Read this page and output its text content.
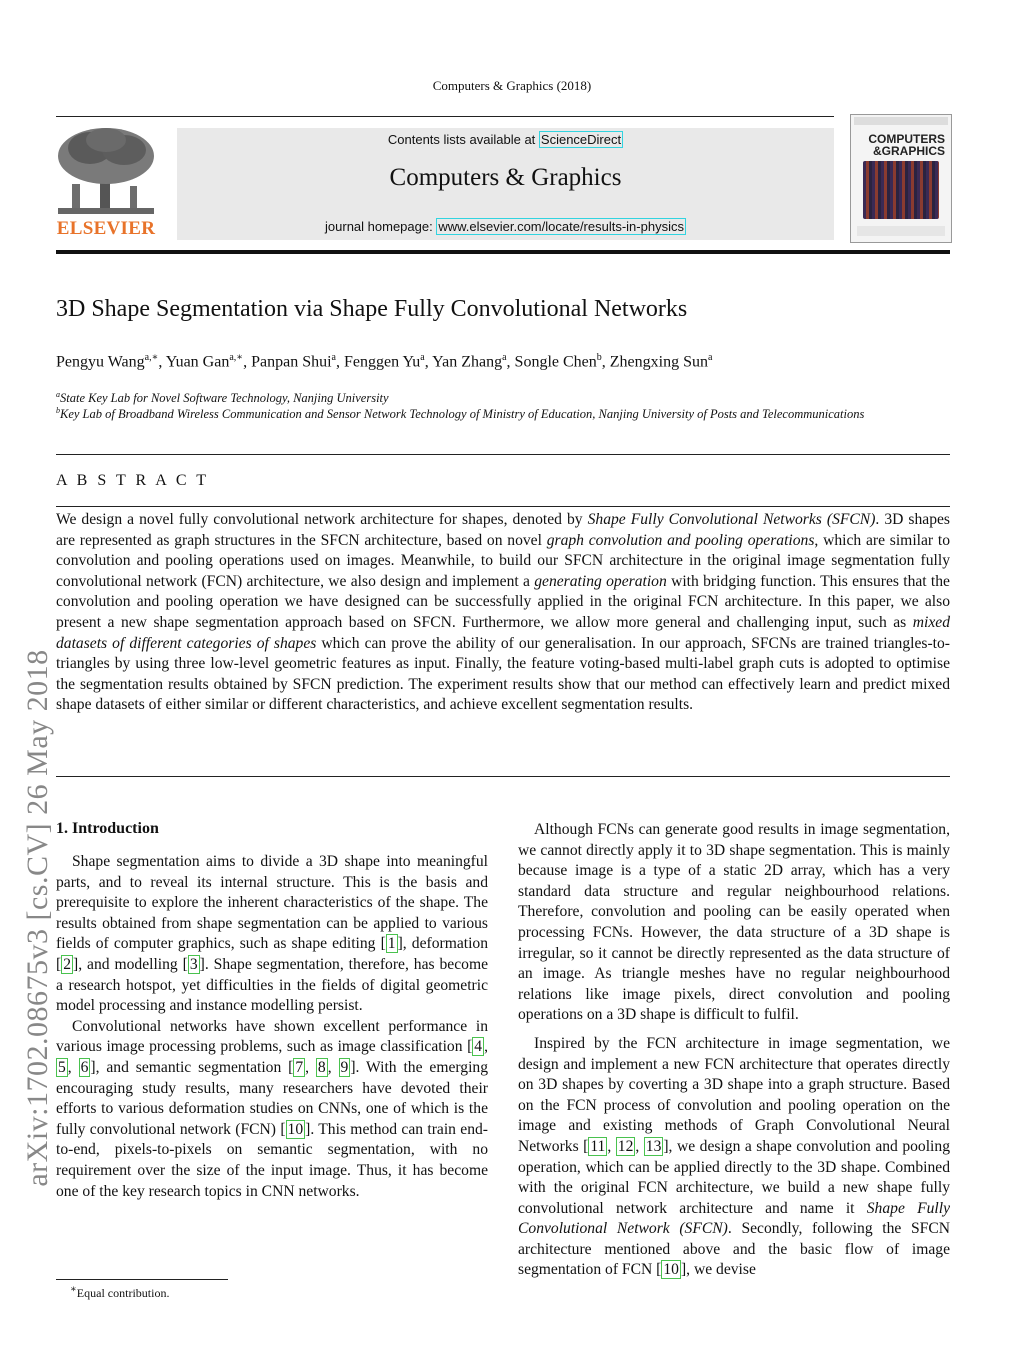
Computers & Graphics (2018)
ELSEVIER
Contents lists available at ScienceDirect
Computers & Graphics
journal homepage: www.elsevier.com/locate/results-in-physics
COMPUTERS
&GRAPHICS
3D Shape Segmentation via Shape Fully Convolutional Networks
Pengyu Wang$^{a,∗}$, Yuan Gan$^{a,∗}$, Panpan Shui$^a$, Fenggen Yu$^a$, Yan Zhang$^a$, Songle Chen$^b$, Zhengxing Sun$^a$
$^a$State Key Lab for Novel Software Technology, Nanjing University
$^b$Key Lab of Broadband Wireless Communication and Sensor Network Technology of Ministry of Education, Nanjing University of Posts and Telecommunications
A B S T R A C T
We design a novel fully convolutional network architecture for shapes, denoted by Shape Fully Convolutional Networks (SFCN). 3D shapes are represented as graph structures in the SFCN architecture, based on novel graph convolution and pooling operations, which are similar to convolution and pooling operations used on images. Meanwhile, to build our SFCN architecture in the original image segmentation fully convolutional network (FCN) architecture, we also design and implement a generating operation with bridging function. This ensures that the convolution and pooling operation we have designed can be successfully applied in the original FCN architecture. In this paper, we also present a new shape segmentation approach based on SFCN. Furthermore, we allow more general and challenging input, such as mixed datasets of different categories of shapes which can prove the ability of our generalisation. In our approach, SFCNs are trained triangles-to-triangles by using three low-level geometric features as input. Finally, the feature voting-based multi-label graph cuts is adopted to optimise the segmentation results obtained by SFCN prediction. The experiment results show that our method can effectively learn and predict mixed shape datasets of either similar or different characteristics, and achieve excellent segmentation results.
1. Introduction

Shape segmentation aims to divide a 3D shape into meaningful parts, and to reveal its internal structure. This is the basis and prerequisite to explore the inherent characteristics of the shape. The results obtained from shape segmentation can be applied to various fields of computer graphics, such as shape editing [ 1 ], deformation [ 2 ], and modelling [ 3 ]. Shape segmentation, therefore, has become a research hotspot, yet difficulties in the fields of digital geometric model processing and instance modelling persist.

Convolutional networks have shown excellent performance in various image processing problems, such as image classification [ 4 , 5 , 6 ], and semantic segmentation [ 7 , 8 , 9 ]. With the emerging encouraging study results, many researchers have devoted their efforts to various deformation studies on CNNs, one of which is the fully convolutional network (FCN) [ 10 ]. This method can train end-to-end, pixels-to-pixels on semantic segmentation, with no requirement over the size of the input image. Thus, it has become one of the key research topics in CNN networks.

Although FCNs can generate good results in image segmentation, we cannot directly apply it to 3D shape segmentation. This is mainly because image is a type of a static 2D array, which has a very standard data structure and regular neighbourhood relations. Therefore, convolution and pooling can be easily operated when processing FCNs. However, the data structure of a 3D shape is irregular, so it cannot be directly represented as the data structure of an image. As triangle meshes have no regular neighbourhood relations like image pixels, direct convolution and pooling operations on a 3D shape is difficult to fulfil.

Inspired by the FCN architecture in image segmentation, we design and implement a new FCN architecture that operates directly on 3D shapes by coverting a 3D shape into a graph structure. Based on the FCN process of convolution and pooling operation on the image and existing methods of Graph Convolutional Neural Networks [ 11 , 12 , 13 ], we design a shape convolution and pooling operation, which can be applied directly to the 3D shape. Combined with the original FCN architecture, we build a new shape fully convolutional network architecture and name it Shape Fully Convolutional Network (SFCN). Secondly, following the SFCN architecture mentioned above and the basic flow of image segmentation of FCN [ 10 ], we devise

∗Equal contribution.
arXiv:1702.08675v3 [cs.CV] 26 May 2018
